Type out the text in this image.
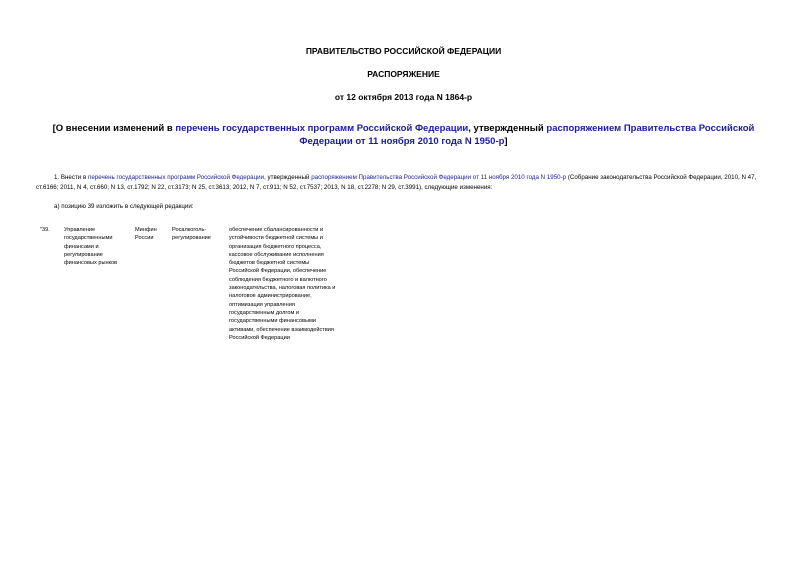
ПРАВИТЕЛЬСТВО РОССИЙСКОЙ ФЕДЕРАЦИИ
РАСПОРЯЖЕНИЕ
от 12 октября 2013 года N 1864-р
[О внесении изменений в перечень государственных программ Российской Федерации, утвержденный распоряжением Правительства Российской Федерации от 11 ноября 2010 года N 1950-р]
1. Внести в перечень государственных программ Российской Федерации, утвержденный распоряжением Правительства Российской Федерации от 11 ноября 2010 года N 1950-р (Собрание законодательства Российской Федерации, 2010, N 47, ст.6166; 2011, N 4, ст.660; N 13, ст.1792; N 22, ст.3173; N 25, ст.3613; 2012, N 7, ст.911; N 52, ст.7537; 2013, N 18, ст.2278; N 29, ст.3991), следующие изменения:
а) позицию 39 изложить в следующей редакции:
"39.	Управление государственными финансами и регулирование финансовых рынков
Минфин России
Росалкоголь-регулирование
обеспечение сбалансированности и устойчивости бюджетной системы и организация бюджетного процесса, кассовое обслуживание исполнения бюджетов бюджетной системы Российской Федерации, обеспечение соблюдения бюджетного и валютного законодательства, налоговая политика и налоговое администрирование, оптимизация управления государственным долгом и государственными финансовыми активами, обеспечение взаимодействия Российской Федерации
